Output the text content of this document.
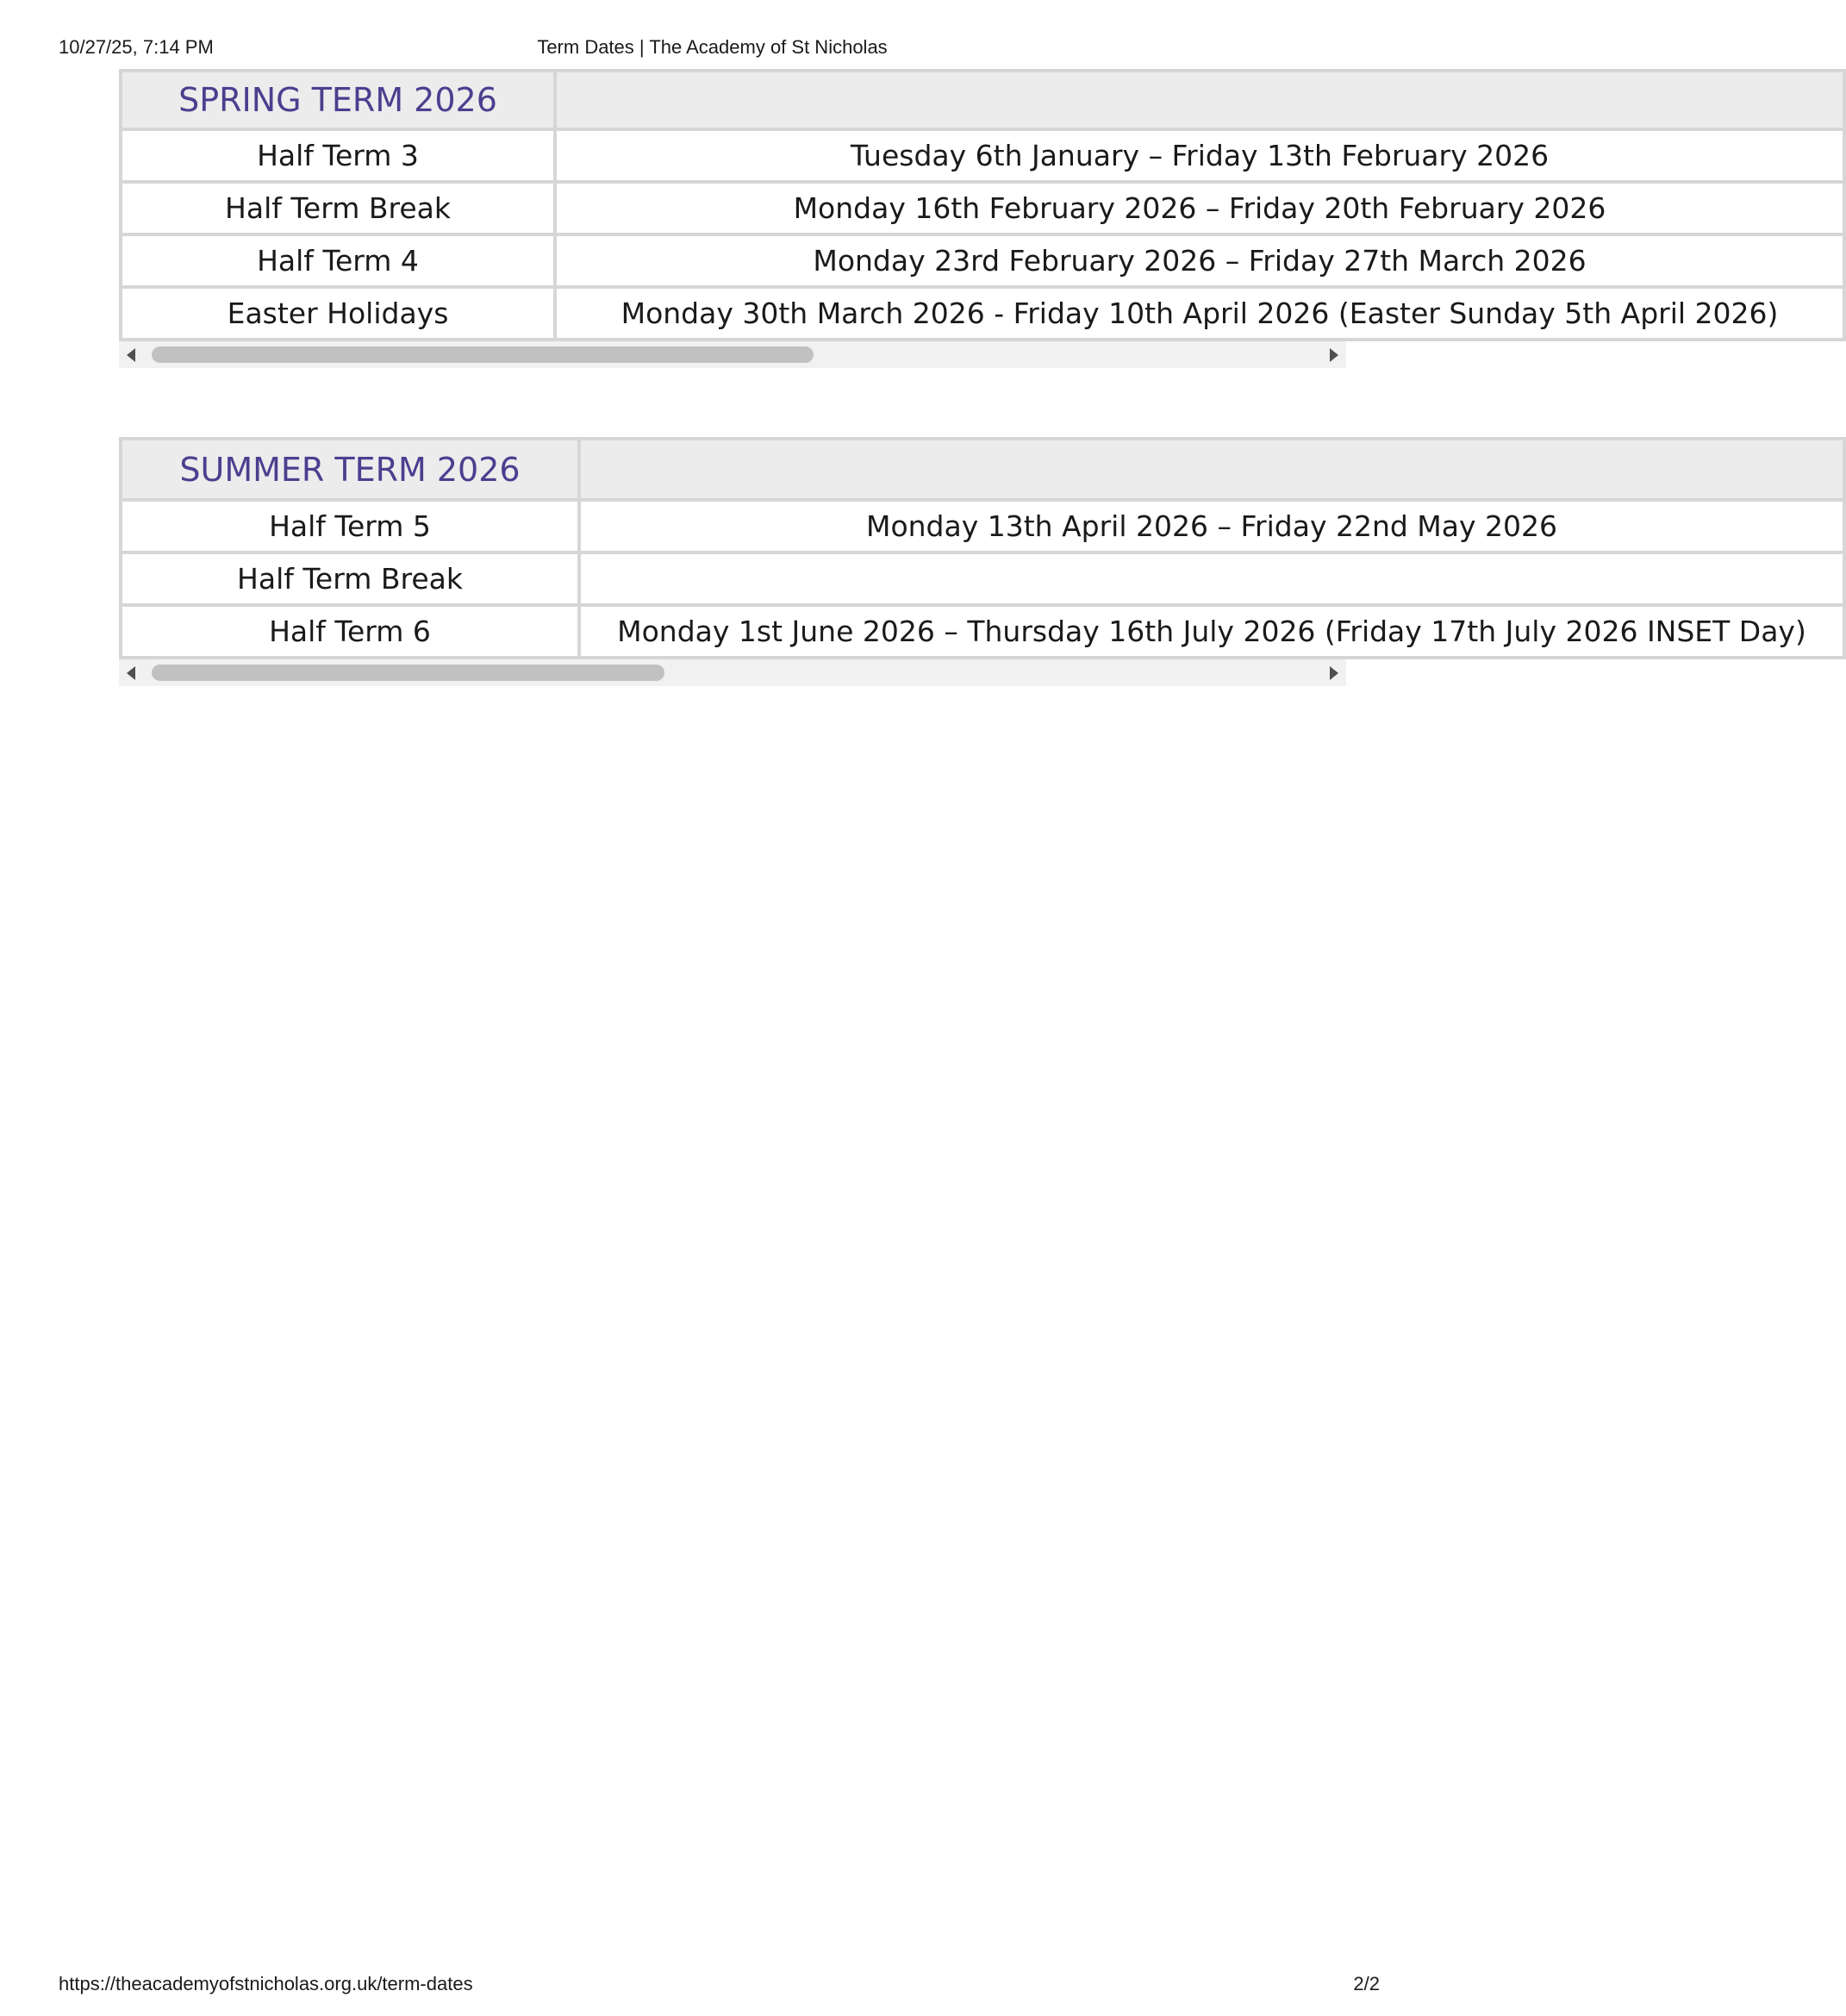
10/27/25, 7:14 PM	Term Dates | The Academy of St Nicholas
SPRING TERM 2026	
Half Term 3	Tuesday 6th January – Friday 13th February 2026
Half Term Break	Monday 16th February 2026 – Friday 20th February 2026
Half Term 4	Monday 23rd February 2026 – Friday 27th March 2026
Easter Holidays	Monday 30th March 2026 - Friday 10th April 2026 (Easter Sunday 5th April 2026)
SUMMER TERM 2026	
Half Term 5	Monday 13th April 2026 – Friday 22nd May 2026
Half Term Break	
Half Term 6	Monday 1st June 2026 – Thursday 16th July 2026 (Friday 17th July 2026 INSET Day)
https://theacademyofstnicholas.org.uk/term-dates	2/2
